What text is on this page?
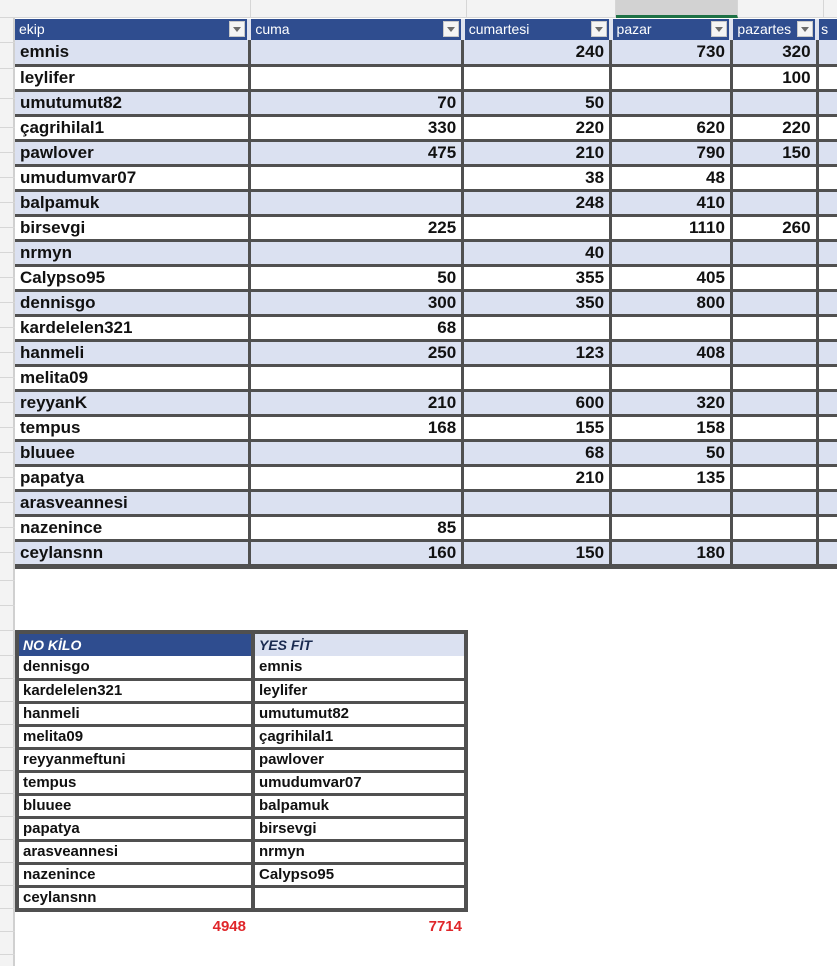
ekip	cuma	cumartesi	pazar	pazartes	s
emnis		240	730	320	
leylifer				100	
umutumut82	70	50			
çagrihilal1	330	220	620	220	
pawlover	475	210	790	150	
umudumvar07		38	48		
balpamuk		248	410		
birsevgi	225		1110	260	
nrmyn		40			
Calypso95	50	355	405		
dennisgo	300	350	800		
kardelelen321	68				
hanmeli	250	123	408		
melita09					
reyyanK	210	600	320		
tempus	168	155	158		
bluuee		68	50		
papatya		210	135		
arasveannesi					
nazenince	85				
ceylansnn	160	150	180		
NO KİLO	YES FİT
dennisgo	emnis
kardelelen321	leylifer
hanmeli	umutumut82
melita09	çagrihilal1
reyyanmeftuni	pawlover
tempus	umudumvar07
bluuee	balpamuk
papatya	birsevgi
arasveannesi	nrmyn
nazenince	Calypso95
ceylansnn	
4948	7714
